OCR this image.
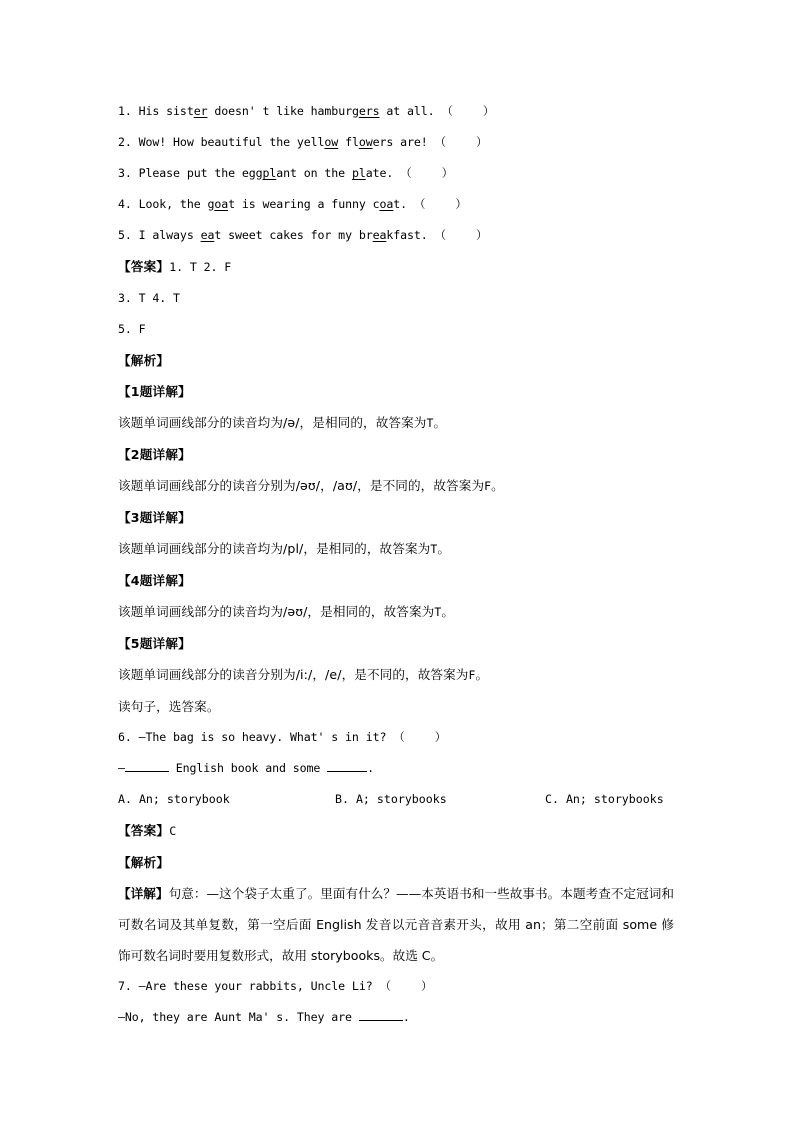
1. His sister doesn' t like hamburgers at all. （	）
2. Wow! How beautiful the yellow flowers are! （	）
3. Please put the eggplant on the plate. （	）
4. Look, the goat is wearing a funny coat. （	）
5. I always eat sweet cakes for my breakfast. （	）
【答案】1. T 2. F
3. T 4. T
5. F
【解析】
【1题详解】
该题单词画线部分的读音均为/ə/，是相同的，故答案为T。
【2题详解】
该题单词画线部分的读音分别为/əʊ/，/aʊ/，是不同的，故答案为F。
【3题详解】
该题单词画线部分的读音均为/pl/，是相同的，故答案为T。
【4题详解】
该题单词画线部分的读音均为/əʊ/，是相同的，故答案为T。
【5题详解】
该题单词画线部分的读音分别为/i:/，/e/，是不同的，故答案为F。
读句子，选答案。
6. —The bag is so heavy. What' s in it? （	）
—	English book and some	.
A. An; storybook	B. A; storybooks	C. An; storybooks
【答案】C
【解析】
【详解】句意：—这个袋子太重了。里面有什么？——本英语书和一些故事书。本题考查不定冠词和可数名词及其单复数，第一空后面 English 发音以元音音素开头，故用 an；第二空前面 some 修饰可数名词时要用复数形式，故用 storybooks。故选 C。
7. —Are these your rabbits, Uncle Li? （	）
—No, they are Aunt Ma' s. They are	.
